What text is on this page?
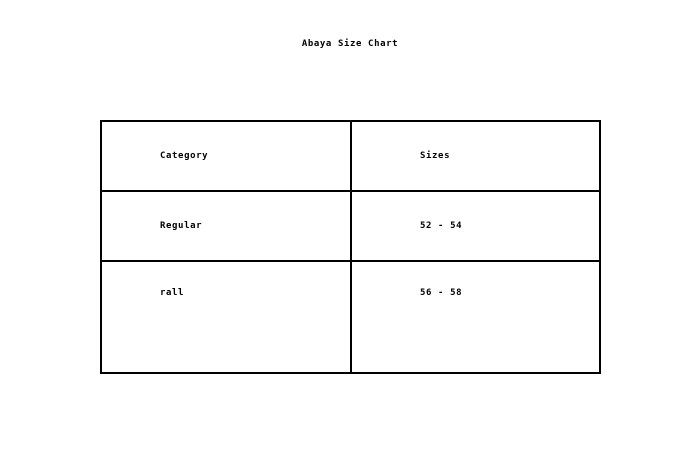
Abaya Size Chart
Category	Sizes
Regular	52 - 54
rall	56 - 58
